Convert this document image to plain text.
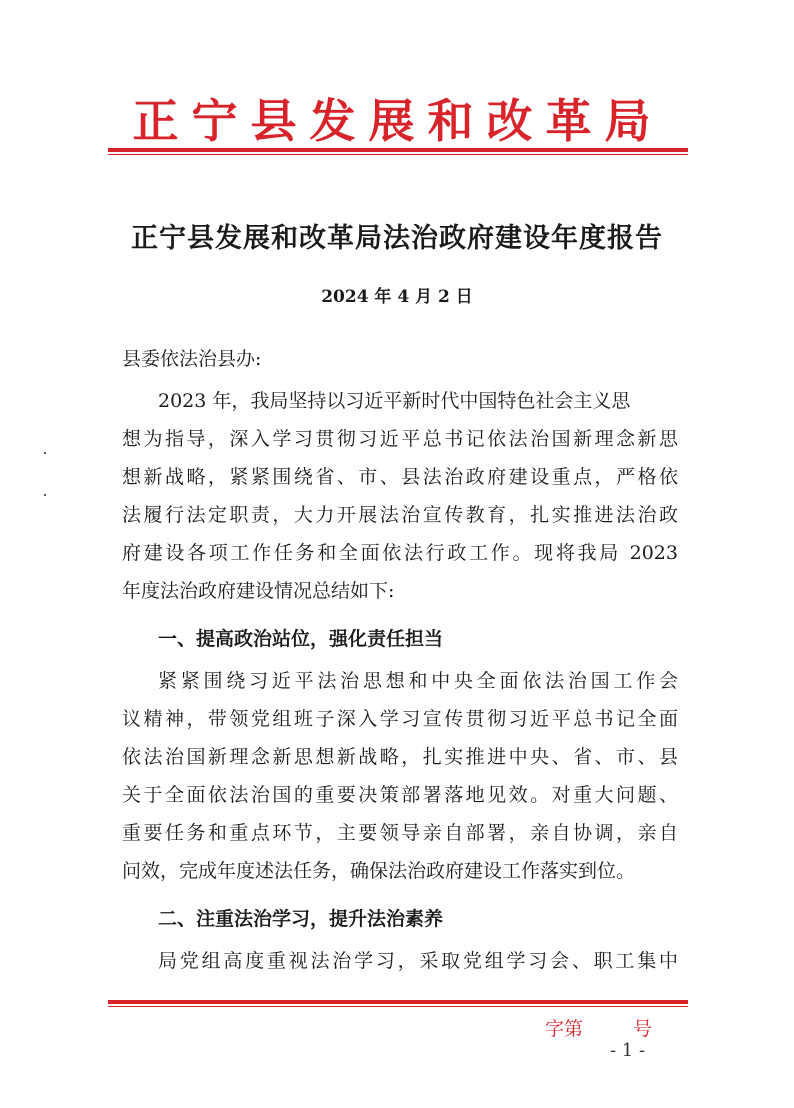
正宁县发展和改革局
正宁县发展和改革局法治政府建设年度报告
2024 年 4 月 2 日
县委依法治县办:
2023 年，我局坚持以习近平新时代中国特色社会主义思
想为指导，深入学习贯彻习近平总书记依法治国新理念新思
想新战略，紧紧围绕省、市、县法治政府建设重点，严格依
法履行法定职责，大力开展法治宣传教育，扎实推进法治政
府建设各项工作任务和全面依法行政工作。现将我局 2023
年度法治政府建设情况总结如下:
一、提高政治站位，强化责任担当
紧紧围绕习近平法治思想和中央全面依法治国工作会
议精神，带领党组班子深入学习宣传贯彻习近平总书记全面
依法治国新理念新思想新战略，扎实推进中央、省、市、县
关于全面依法治国的重要决策部署落地见效。对重大问题、
重要任务和重点环节，主要领导亲自部署，亲自协调，亲自
问效，完成年度述法任务，确保法治政府建设工作落实到位。
二、注重法治学习，提升法治素养
局党组高度重视法治学习，采取党组学习会、职工集中
字第	号
- 1 -
